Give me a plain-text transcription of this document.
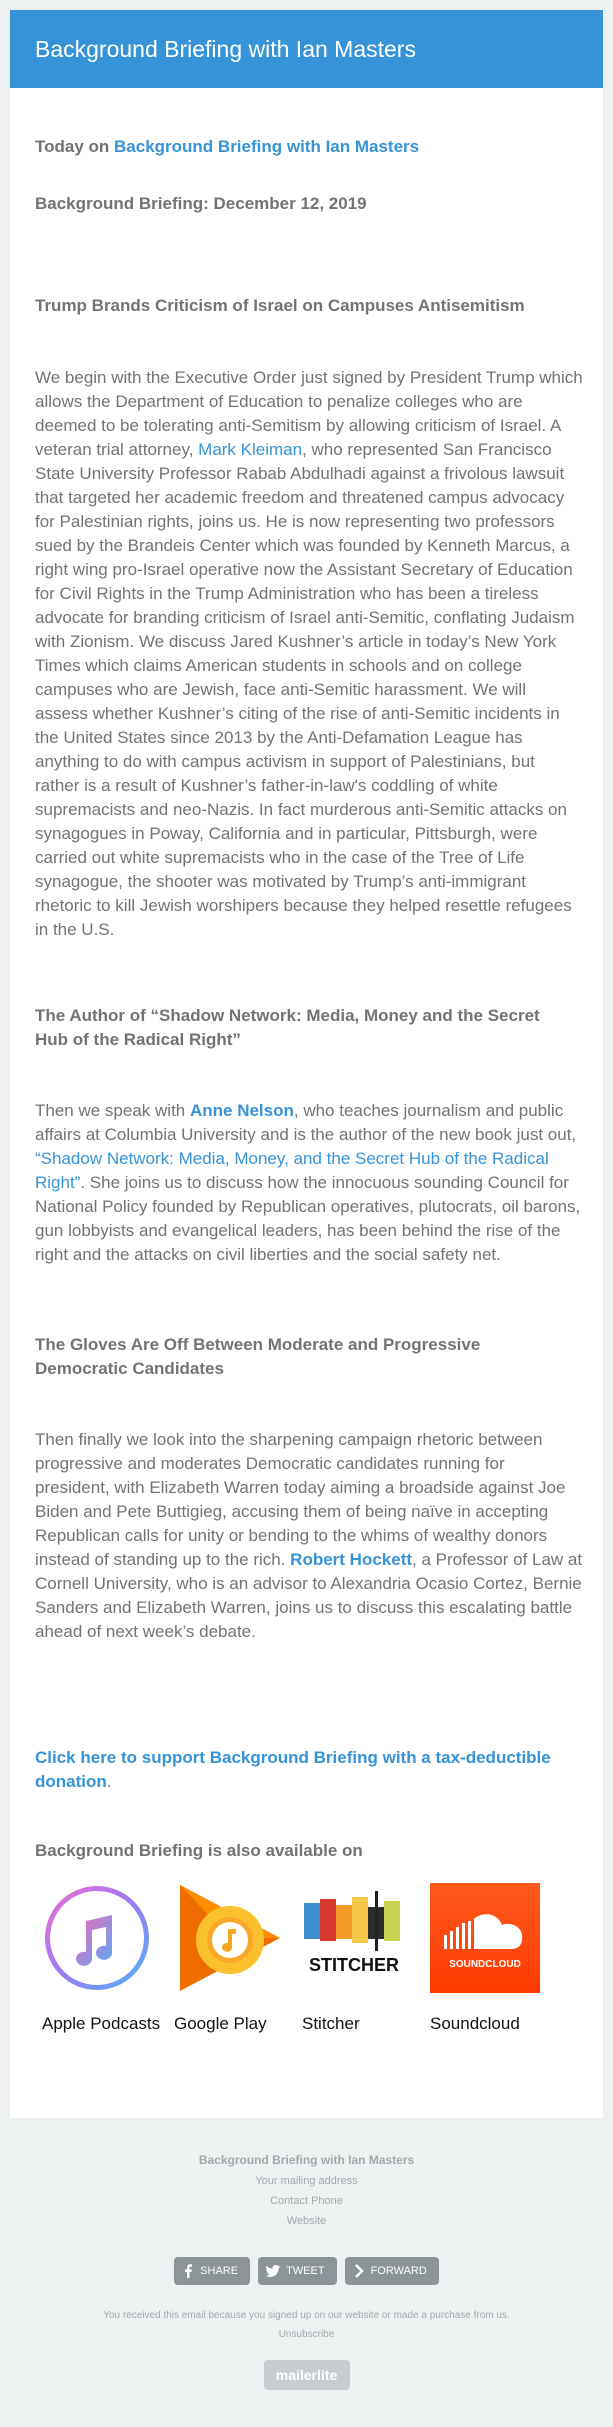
Background Briefing with Ian Masters
Today on Background Briefing with Ian Masters
Background Briefing: December 12, 2019
Trump Brands Criticism of Israel on Campuses Antisemitism

We begin with the Executive Order just signed by President Trump which allows the Department of Education to penalize colleges who are deemed to be tolerating anti-Semitism by allowing criticism of Israel. A veteran trial attorney, Mark Kleiman, who represented San Francisco State University Professor Rabab Abdulhadi against a frivolous lawsuit that targeted her academic freedom and threatened campus advocacy for Palestinian rights, joins us. He is now representing two professors sued by the Brandeis Center which was founded by Kenneth Marcus, a right wing pro-Israel operative now the Assistant Secretary of Education for Civil Rights in the Trump Administration who has been a tireless advocate for branding criticism of Israel anti-Semitic, conflating Judaism with Zionism. We discuss Jared Kushner’s article in today’s New York Times which claims American students in schools and on college campuses who are Jewish, face anti-Semitic harassment. We will assess whether Kushner’s citing of the rise of anti-Semitic incidents in the United States since 2013 by the Anti-Defamation League has anything to do with campus activism in support of Palestinians, but rather is a result of Kushner’s father-in-law's coddling of white supremacists and neo-Nazis. In fact murderous anti-Semitic attacks on synagogues in Poway, California and in particular, Pittsburgh, were carried out white supremacists who in the case of the Tree of Life synagogue, the shooter was motivated by Trump’s anti-immigrant rhetoric to kill Jewish worshipers because they helped resettle refugees in the U.S.

The Author of “Shadow Network: Media, Money and the Secret Hub of the Radical Right”

Then we speak with Anne Nelson, who teaches journalism and public affairs at Columbia University and is the author of the new book just out, “Shadow Network: Media, Money, and the Secret Hub of the Radical Right”. She joins us to discuss how the innocuous sounding Council for National Policy founded by Republican operatives, plutocrats, oil barons, gun lobbyists and evangelical leaders, has been behind the rise of the right and the attacks on civil liberties and the social safety net.

The Gloves Are Off Between Moderate and Progressive Democratic Candidates

Then finally we look into the sharpening campaign rhetoric between progressive and moderates Democratic candidates running for president, with Elizabeth Warren today aiming a broadside against Joe Biden and Pete Buttigieg, accusing them of being naïve in accepting Republican calls for unity or bending to the whims of wealthy donors instead of standing up to the rich. Robert Hockett, a Professor of Law at Cornell University, who is an advisor to Alexandria Ocasio Cortez, Bernie Sanders and Elizabeth Warren, joins us to discuss this escalating battle ahead of next week’s debate.

Click here to support Background Briefing with a tax-deductible donation.

Background Briefing is also available on
Apple Podcasts Google Play
STITCHER
Stitcher
SOUNDCLOUD
Soundcloud
Background Briefing with Ian Masters
Your mailing address
Contact Phone
Website
SHARE	TWEET	FORWARD
You received this email because you signed up on our website or made a purchase from us.
Unsubscribe
mailerlite
